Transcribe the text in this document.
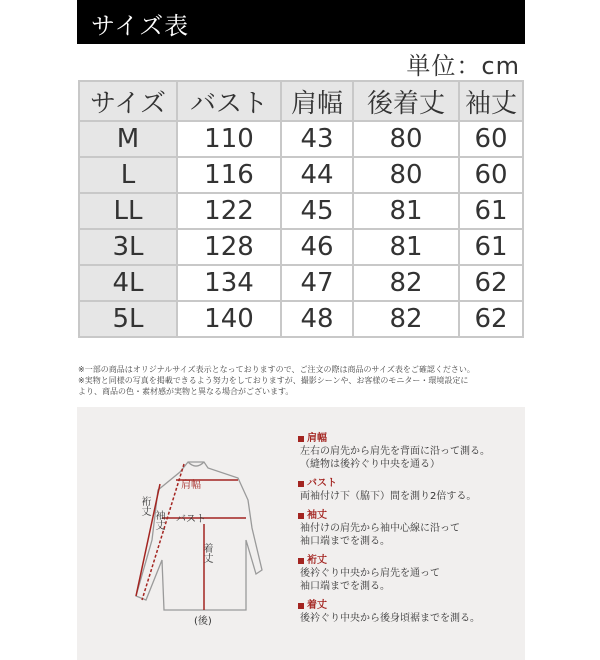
サイズ表
単位：cm
サイズ	バスト	肩幅	後着丈	袖丈
M	110	43	80	60
L	116	44	80	60
LL	122	45	81	61
3L	128	46	81	61
4L	134	47	82	62
5L	140	48	82	62
※一部の商品はオリジナルサイズ表示となっておりますので、ご注文の際は商品のサイズ表をご確認ください。
※実物と同様の写真を掲載できるよう努力をしておりますが、撮影シーンや、お客様のモニター・環境設定に
より、商品の色・素材感が実物と異なる場合がございます。
肩幅
裄丈
袖丈 バスト
着丈
(後)
肩幅
左右の肩先から肩先を背面に沿って測る。
（縫物は後衿ぐり中央を通る）
バスト
両袖付け下（脇下）間を測り2倍する。
袖丈
袖付けの肩先から袖中心線に沿って
袖口端までを測る。
裄丈
後衿ぐり中央から肩先を通って
袖口端までを測る。
着丈
後衿ぐり中央から後身頃裾までを測る。
